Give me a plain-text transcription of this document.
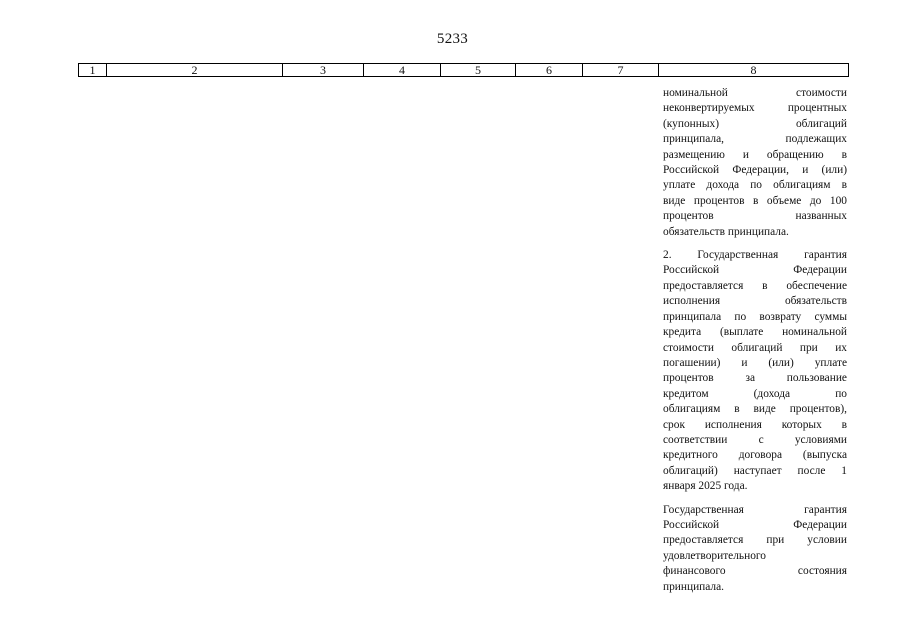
5233
1	2	3	4	5	6	7	8
номинальной стоимости
неконвертируемых процентных
(купонных) облигаций
принципала, подлежащих
размещению и обращению в
Российской Федерации, и (или)
уплате дохода по облигациям в
виде процентов в объеме до 100
процентов названных
обязательств принципала.
2. Государственная гарантия
Российской Федерации
предоставляется в обеспечение
исполнения обязательств
принципала по возврату суммы
кредита (выплате номинальной
стоимости облигаций при их
погашении) и (или) уплате
процентов за пользование
кредитом (дохода по
облигациям в виде процентов),
срок исполнения которых в
соответствии с условиями
кредитного договора (выпуска
облигаций) наступает после 1
января 2025 года.
Государственная гарантия
Российской Федерации
предоставляется при условии
удовлетворительного
финансового состояния
принципала.
